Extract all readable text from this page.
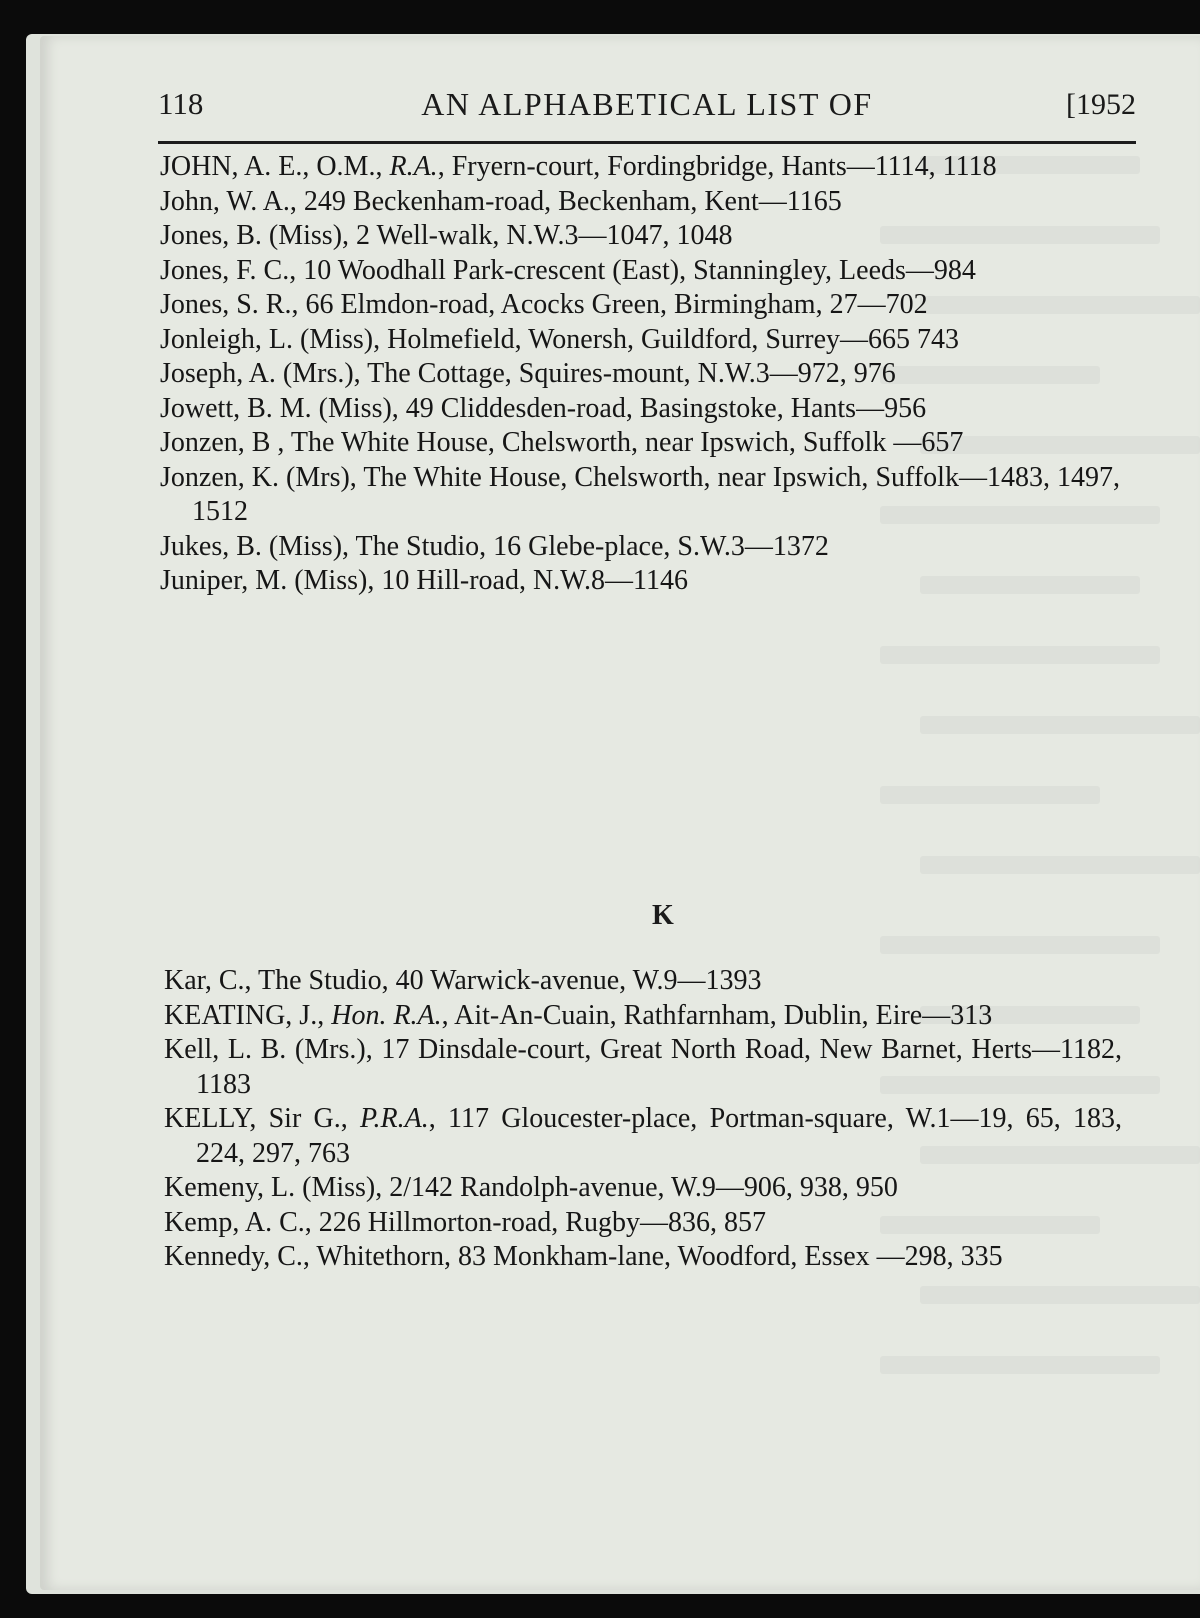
118	AN ALPHABETICAL LIST OF	[1952
JOHN, A. E., O.M., R.A., Fryern-court, Fordingbridge, Hants—1114, 1118
John, W. A., 249 Beckenham-road, Beckenham, Kent—1165
Jones, B. (Miss), 2 Well-walk, N.W.3—1047, 1048
Jones, F. C., 10 Woodhall Park-crescent (East), Stanningley, Leeds—984
Jones, S. R., 66 Elmdon-road, Acocks Green, Birmingham, 27—702
Jonleigh, L. (Miss), Holmefield, Wonersh, Guildford, Surrey—665 743
Joseph, A. (Mrs.), The Cottage, Squires-mount, N.W.3—972, 976
Jowett, B. M. (Miss), 49 Cliddesden-road, Basingstoke, Hants—956
Jonzen, B , The White House, Chelsworth, near Ipswich, Suffolk —657
Jonzen, K. (Mrs), The White House, Chelsworth, near Ipswich, Suffolk—1483, 1497, 1512
Jukes, B. (Miss), The Studio, 16 Glebe-place, S.W.3—1372
Juniper, M. (Miss), 10 Hill-road, N.W.8—1146
K
Kar, C., The Studio, 40 Warwick-avenue, W.9—1393
KEATING, J., Hon. R.A., Ait-An-Cuain, Rathfarnham, Dublin, Eire—313
Kell, L. B. (Mrs.), 17 Dinsdale-court, Great North Road, New Barnet, Herts—1182, 1183
KELLY, Sir G., P.R.A., 117 Gloucester-place, Portman-square, W.1—19, 65, 183, 224, 297, 763
Kemeny, L. (Miss), 2/142 Randolph-avenue, W.9—906, 938, 950
Kemp, A. C., 226 Hillmorton-road, Rugby—836, 857
Kennedy, C., Whitethorn, 83 Monkham-lane, Woodford, Essex —298, 335
